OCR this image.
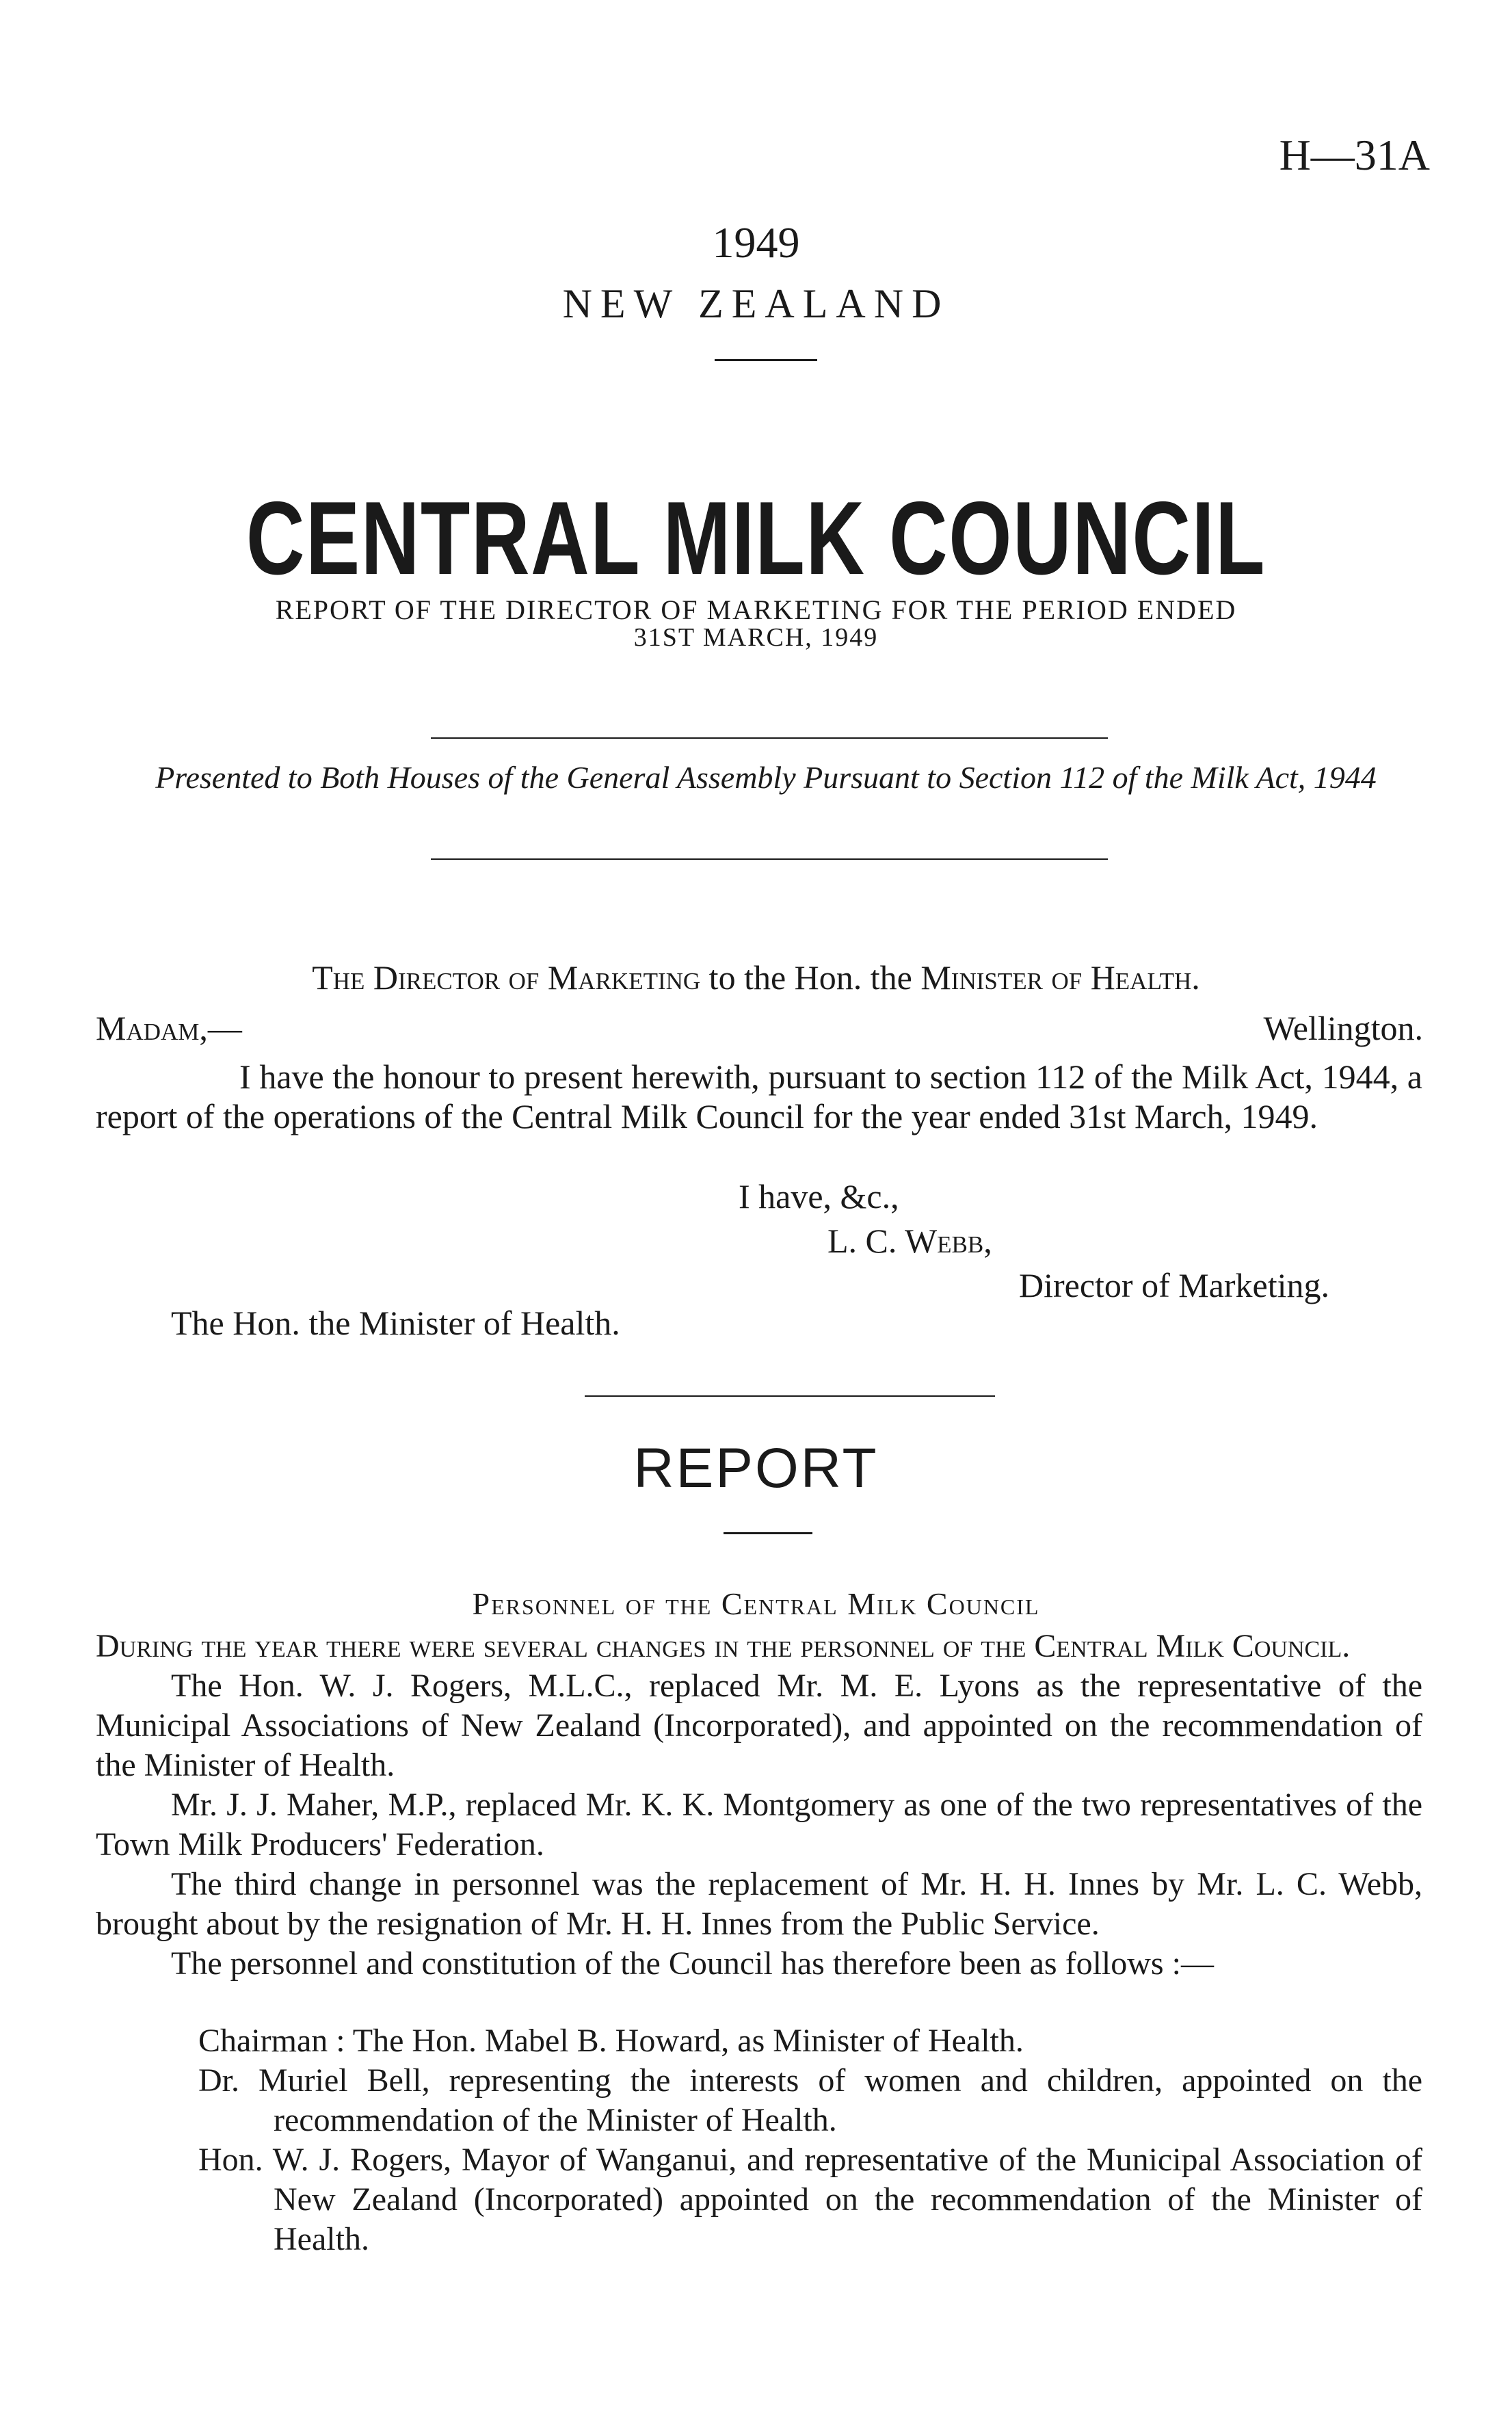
H—31A
1949
NEW ZEALAND
CENTRAL MILK COUNCIL
REPORT OF THE DIRECTOR OF MARKETING FOR THE PERIOD ENDED
31ST MARCH, 1949
Presented to Both Houses of the General Assembly Pursuant to Section 112 of the Milk Act, 1944
The Director of Marketing to the Hon. the Minister of Health.
Madam,—	Wellington.
I have the honour to present herewith, pursuant to section 112 of the Milk Act, 1944, a report of the operations of the Central Milk Council for the year ended 31st March, 1949.
I have, &c.,
L. C. Webb,
Director of Marketing.
The Hon. the Minister of Health.
REPORT
Personnel of the Central Milk Council

During the year there were several changes in the personnel of the Central Milk Council.

The Hon. W. J. Rogers, M.L.C., replaced Mr. M. E. Lyons as the representative of the Municipal Associations of New Zealand (Incorporated), and appointed on the recommendation of the Minister of Health.

Mr. J. J. Maher, M.P., replaced Mr. K. K. Montgomery as one of the two representatives of the Town Milk Producers' Federation.

The third change in personnel was the replacement of Mr. H. H. Innes by Mr. L. C. Webb, brought about by the resignation of Mr. H. H. Innes from the Public Service.

The personnel and constitution of the Council has therefore been as follows :—

Chairman : The Hon. Mabel B. Howard, as Minister of Health.

Dr. Muriel Bell, representing the interests of women and children, appointed on the recommendation of the Minister of Health.

Hon. W. J. Rogers, Mayor of Wanganui, and representative of the Municipal Association of New Zealand (Incorporated) appointed on the recommendation of the Minister of Health.
